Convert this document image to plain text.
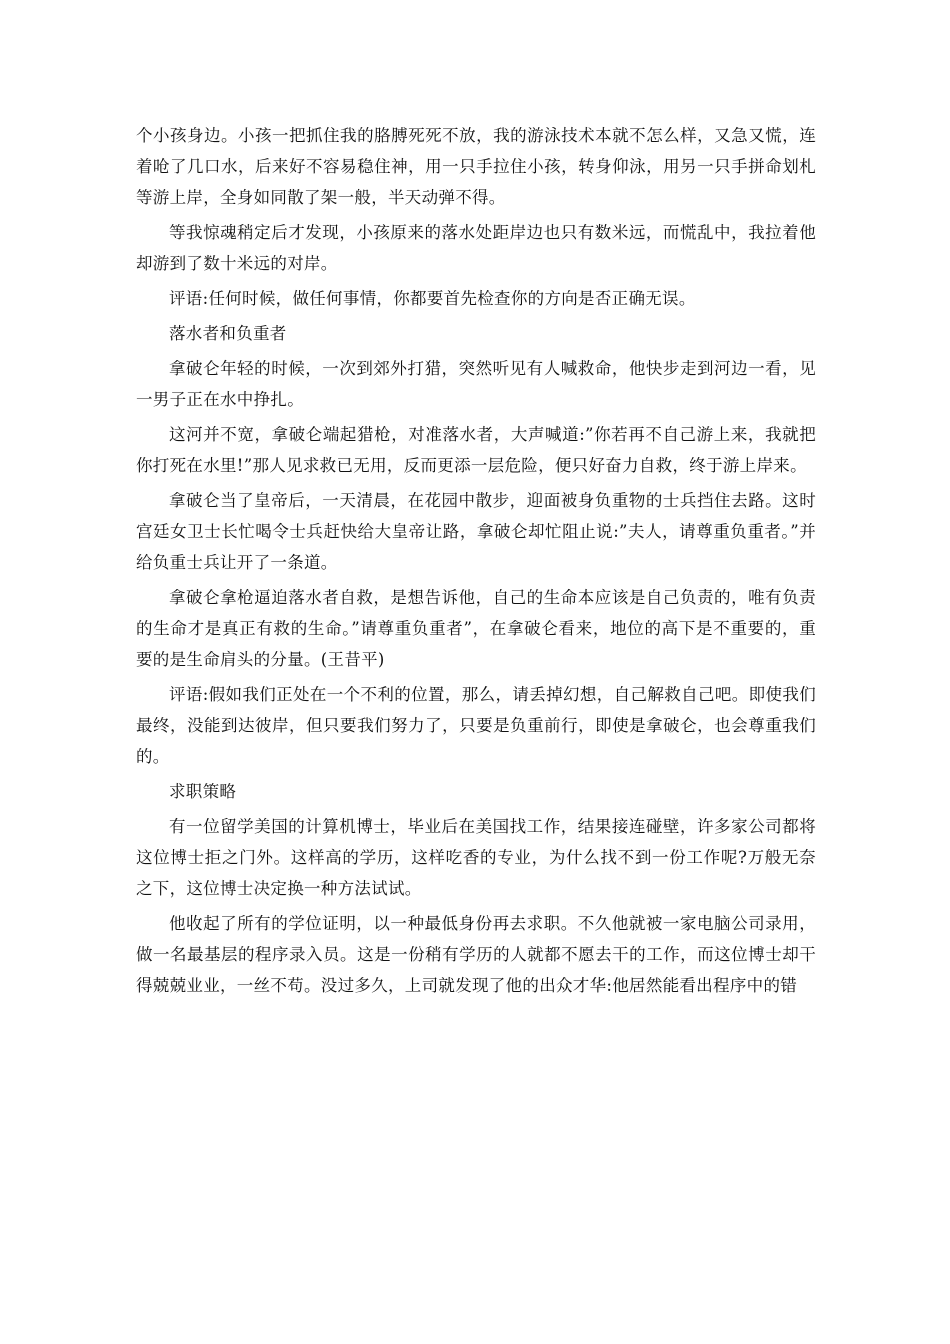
个小孩身边。小孩一把抓住我的胳膊死死不放，我的游泳技术本就不怎么样，又急又慌，连着呛了几口水，后来好不容易稳住神，用一只手拉住小孩，转身仰泳，用另一只手拼命划札等游上岸，全身如同散了架一般，半天动弹不得。

等我惊魂稍定后才发现，小孩原来的落水处距岸边也只有数米远，而慌乱中，我拉着他却游到了数十米远的对岸。

评语:任何时候，做任何事情，你都要首先检查你的方向是否正确无误。

落水者和负重者

拿破仑年轻的时候，一次到郊外打猎，突然听见有人喊救命，他快步走到河边一看，见一男子正在水中挣扎。

这河并不宽，拿破仑端起猎枪，对准落水者，大声喊道:”你若再不自己游上来，我就把你打死在水里!”那人见求救已无用，反而更添一层危险，便只好奋力自救，终于游上岸来。

拿破仑当了皇帝后，一天清晨，在花园中散步，迎面被身负重物的士兵挡住去路。这时宫廷女卫士长忙喝令士兵赶快给大皇帝让路，拿破仑却忙阻止说:”夫人，请尊重负重者。”并给负重士兵让开了一条道。

拿破仑拿枪逼迫落水者自救，是想告诉他，自己的生命本应该是自己负责的，唯有负责的生命才是真正有救的生命。”请尊重负重者”，在拿破仑看来，地位的高下是不重要的，重要的是生命肩头的分量。(王昔平)

评语:假如我们正处在一个不利的位置，那么，请丢掉幻想，自己解救自己吧。即使我们最终，没能到达彼岸，但只要我们努力了，只要是负重前行，即使是拿破仑，也会尊重我们的。

求职策略

有一位留学美国的计算机博士，毕业后在美国找工作，结果接连碰壁，许多家公司都将这位博士拒之门外。这样高的学历，这样吃香的专业，为什么找不到一份工作呢?万般无奈之下，这位博士决定换一种方法试试。

他收起了所有的学位证明，以一种最低身份再去求职。不久他就被一家电脑公司录用，做一名最基层的程序录入员。这是一份稍有学历的人就都不愿去干的工作，而这位博士却干得兢兢业业，一丝不苟。没过多久，上司就发现了他的出众才华:他居然能看出程序中的错
